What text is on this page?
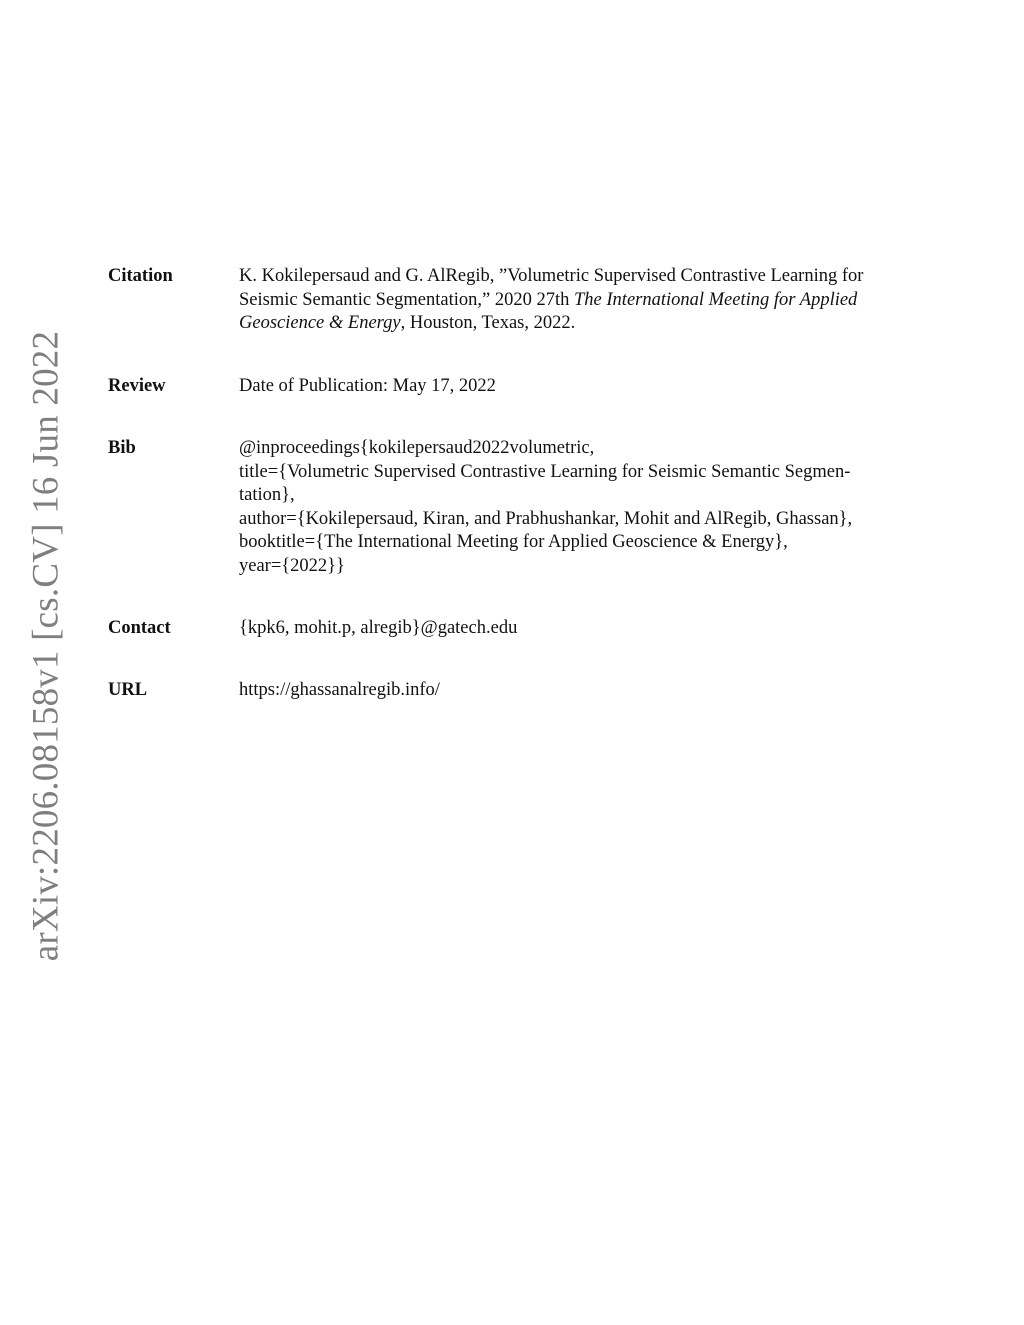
arXiv:2206.08158v1 [cs.CV] 16 Jun 2022
Citation	K. Kokilepersaud and G. AlRegib, ”Volumetric Supervised Contrastive Learning for
Seismic Semantic Segmentation,” 2020 27th The International Meeting for Applied
Geoscience & Energy, Houston, Texas, 2022.
Review	Date of Publication: May 17, 2022
Bib	@inproceedings{kokilepersaud2022volumetric,
title={Volumetric Supervised Contrastive Learning for Seismic Semantic Segmen-
tation},
author={Kokilepersaud, Kiran, and Prabhushankar, Mohit and AlRegib, Ghassan},
booktitle={The International Meeting for Applied Geoscience & Energy},
year={2022}}
Contact	{kpk6, mohit.p, alregib}@gatech.edu
URL	https://ghassanalregib.info/
